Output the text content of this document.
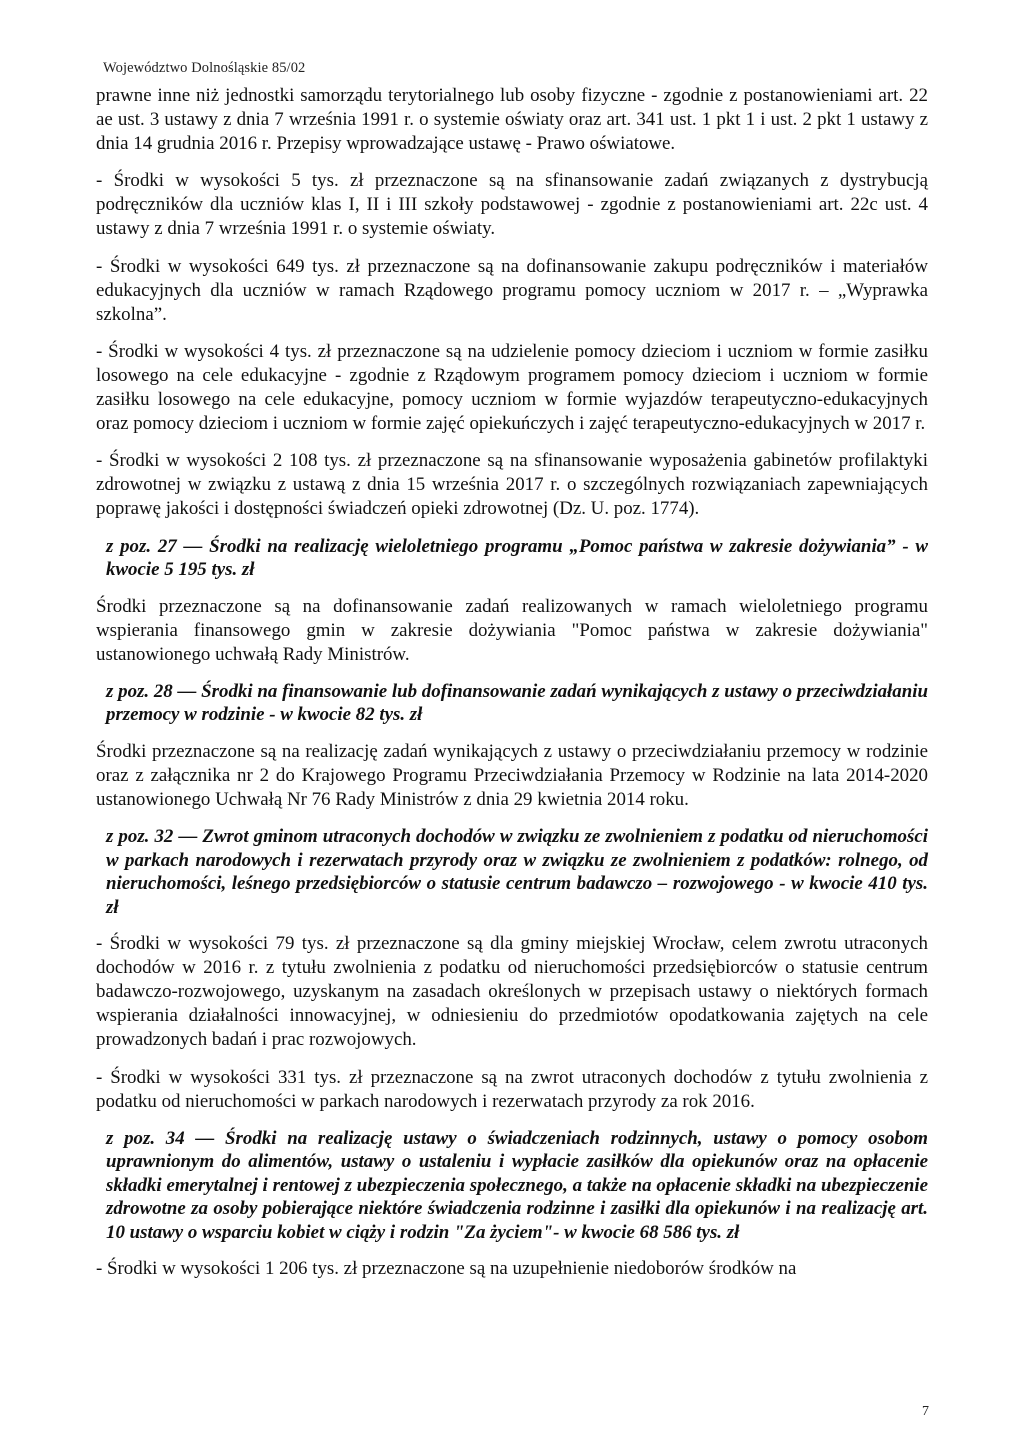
Województwo Dolnośląskie 85/02

prawne inne niż jednostki samorządu terytorialnego lub osoby fizyczne - zgodnie z postanowieniami art. 22 ae ust. 3 ustawy z dnia 7 września 1991 r. o systemie oświaty oraz art. 341 ust. 1 pkt 1 i ust. 2 pkt 1 ustawy z dnia 14 grudnia 2016 r. Przepisy wprowadzające ustawę - Prawo oświatowe.

- Środki w wysokości 5 tys. zł przeznaczone są na sfinansowanie zadań związanych z dystrybucją podręczników dla uczniów klas I, II i III szkoły podstawowej - zgodnie z postanowieniami art. 22c ust. 4 ustawy z dnia 7 września 1991 r. o systemie oświaty.

- Środki w wysokości 649 tys. zł przeznaczone są na dofinansowanie zakupu podręczników i materiałów edukacyjnych dla uczniów w ramach Rządowego programu pomocy uczniom w 2017 r. – „Wyprawka szkolna”.

- Środki w wysokości 4 tys. zł przeznaczone są na udzielenie pomocy dzieciom i uczniom w formie zasiłku losowego na cele edukacyjne - zgodnie z Rządowym programem pomocy dzieciom i uczniom w formie zasiłku losowego na cele edukacyjne, pomocy uczniom w formie wyjazdów terapeutyczno-edukacyjnych oraz pomocy dzieciom i uczniom w formie zajęć opiekuńczych i zajęć terapeutyczno-edukacyjnych w 2017 r.

- Środki w wysokości 2 108 tys. zł przeznaczone są na sfinansowanie wyposażenia gabinetów profilaktyki zdrowotnej w związku z ustawą z dnia 15 września 2017 r. o szczególnych rozwiązaniach zapewniających poprawę jakości i dostępności świadczeń opieki zdrowotnej (Dz. U. poz. 1774).

z poz. 27 — Środki na realizację wieloletniego programu „Pomoc państwa w zakresie dożywiania” - w kwocie 5 195 tys. zł

Środki przeznaczone są na dofinansowanie zadań realizowanych w ramach wieloletniego programu wspierania finansowego gmin w zakresie dożywiania "Pomoc państwa w zakresie dożywiania" ustanowionego uchwałą Rady Ministrów.

z poz. 28 — Środki na finansowanie lub dofinansowanie zadań wynikających z ustawy o przeciwdziałaniu przemocy w rodzinie - w kwocie 82 tys. zł

Środki przeznaczone są na realizację zadań wynikających z ustawy o przeciwdziałaniu przemocy w rodzinie oraz z załącznika nr 2 do Krajowego Programu Przeciwdziałania Przemocy w Rodzinie na lata 2014-2020 ustanowionego Uchwałą Nr 76 Rady Ministrów z dnia 29 kwietnia 2014 roku.

z poz. 32 — Zwrot gminom utraconych dochodów w związku ze zwolnieniem z podatku od nieruchomości w parkach narodowych i rezerwatach przyrody oraz w związku ze zwolnieniem z podatków: rolnego, od nieruchomości, leśnego przedsiębiorców o statusie centrum badawczo – rozwojowego - w kwocie 410 tys. zł

- Środki w wysokości 79 tys. zł przeznaczone są dla gminy miejskiej Wrocław, celem zwrotu utraconych dochodów w 2016 r. z tytułu zwolnienia z podatku od nieruchomości przedsiębiorców o statusie centrum badawczo-rozwojowego, uzyskanym na zasadach określonych w przepisach ustawy o niektórych formach wspierania działalności innowacyjnej, w odniesieniu do przedmiotów opodatkowania zajętych na cele prowadzonych badań i prac rozwojowych.

- Środki w wysokości 331 tys. zł przeznaczone są na zwrot utraconych dochodów z tytułu zwolnienia z podatku od nieruchomości w parkach narodowych i rezerwatach przyrody za rok 2016.

z poz. 34 — Środki na realizację ustawy o świadczeniach rodzinnych, ustawy o pomocy osobom uprawnionym do alimentów, ustawy o ustaleniu i wypłacie zasiłków dla opiekunów oraz na opłacenie składki emerytalnej i rentowej z ubezpieczenia społecznego, a także na opłacenie składki na ubezpieczenie zdrowotne za osoby pobierające niektóre świadczenia rodzinne i zasiłki dla opiekunów i na realizację art. 10 ustawy o wsparciu kobiet w ciąży i rodzin "Za życiem"- w kwocie 68 586 tys. zł

- Środki w wysokości 1 206 tys. zł przeznaczone są na uzupełnienie niedoborów środków na

7
